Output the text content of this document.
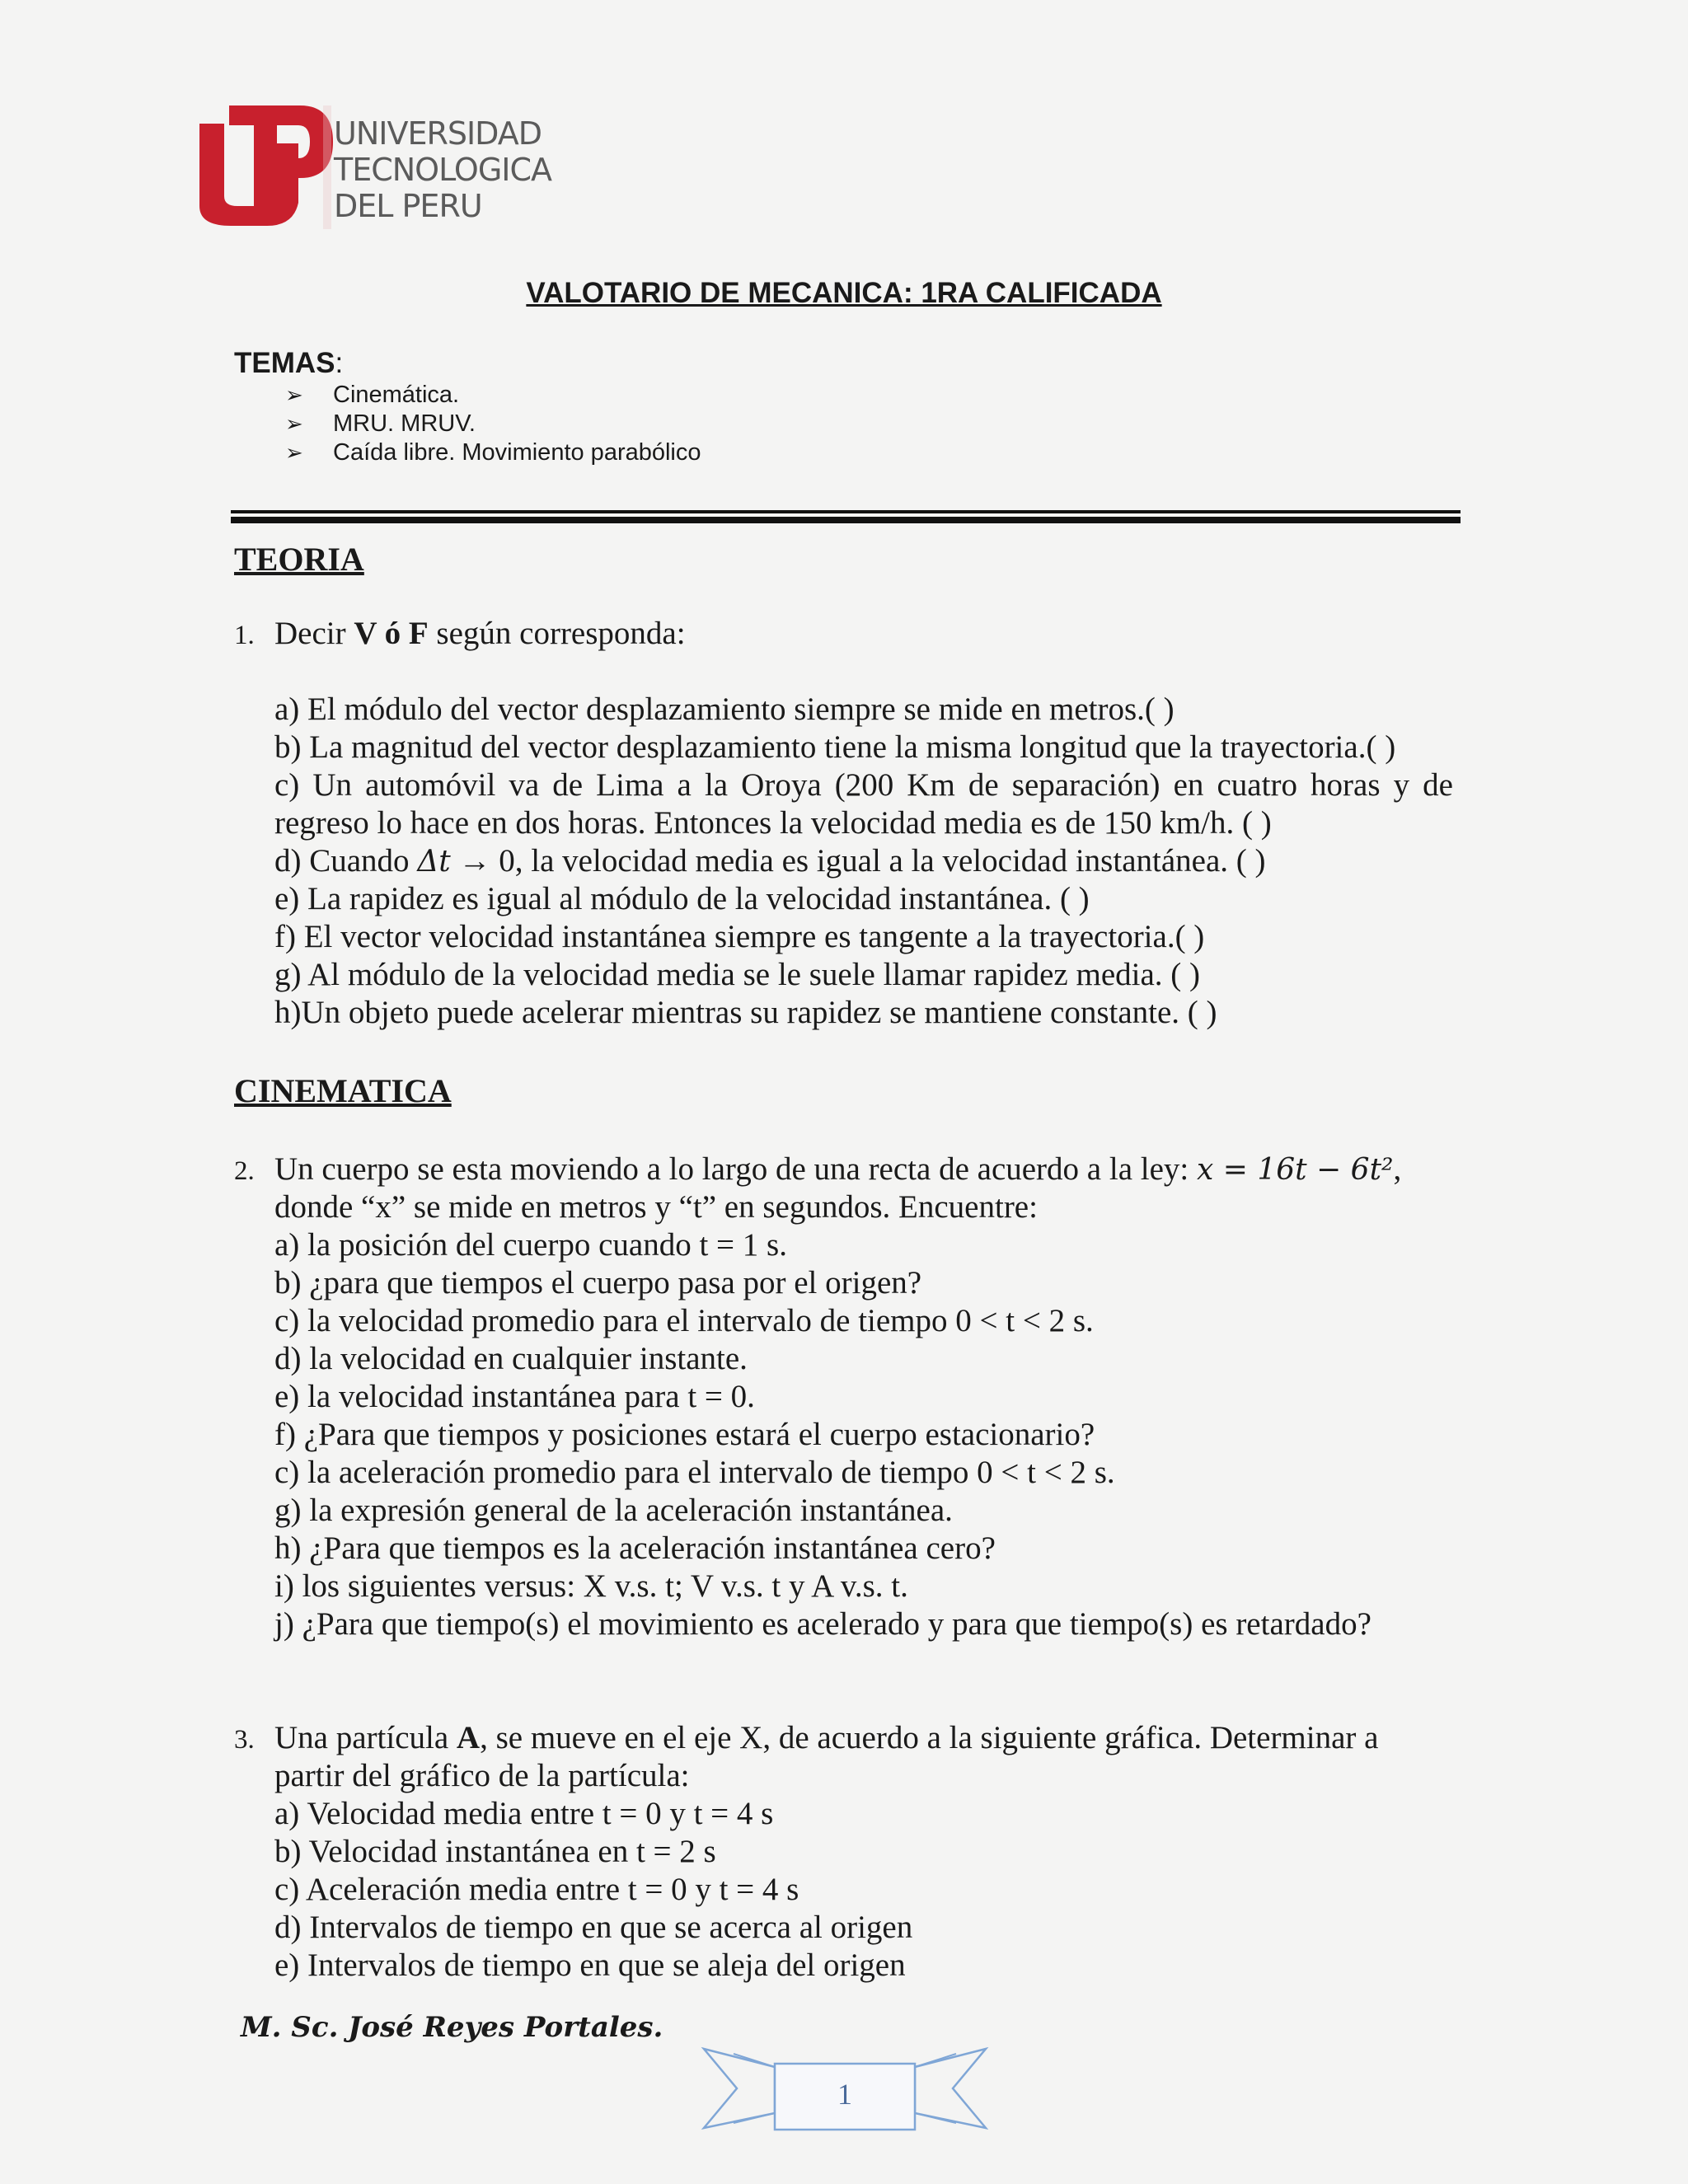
UNIVERSIDAD
TECNOLOGICA
DEL PERU
VALOTARIO DE MECANICA: 1RA CALIFICADA
TEMAS:
➢ Cinemática.
➢ MRU. MRUV.
➢ Caída libre. Movimiento parabólico
TEORIA
1. Decir V ó F según corresponda:
a) El módulo del vector desplazamiento siempre se mide en metros.( )
b) La magnitud del vector desplazamiento tiene la misma longitud que la trayectoria.( )
c) Un automóvil va de Lima a la Oroya (200 Km de separación) en cuatro horas y de
regreso lo hace en dos horas. Entonces la velocidad media es de 150 km/h. ( )
d) Cuando Δt → 0, la velocidad media es igual a la velocidad instantánea. ( )
e) La rapidez es igual al módulo de la velocidad instantánea. ( )
f) El vector velocidad instantánea siempre es tangente a la trayectoria.( )
g) Al módulo de la velocidad media se le suele llamar rapidez media. ( )
h)Un objeto puede acelerar mientras su rapidez se mantiene constante. ( )
CINEMATICA
2. Un cuerpo se esta moviendo a lo largo de una recta de acuerdo a la ley: x = 16t − 6t²,
donde “x” se mide en metros y “t” en segundos. Encuentre:
a) la posición del cuerpo cuando t = 1 s.
b) ¿para que tiempos el cuerpo pasa por el origen?
c) la velocidad promedio para el intervalo de tiempo 0 < t < 2 s.
d) la velocidad en cualquier instante.
e) la velocidad instantánea para t = 0.
f) ¿Para que tiempos y posiciones estará el cuerpo estacionario?
c) la aceleración promedio para el intervalo de tiempo 0 < t < 2 s.
g) la expresión general de la aceleración instantánea.
h) ¿Para que tiempos es la aceleración instantánea cero?
i) los siguientes versus: X v.s. t; V v.s. t y A v.s. t.
j) ¿Para que tiempo(s) el movimiento es acelerado y para que tiempo(s) es retardado?
3. Una partícula A, se mueve en el eje X, de acuerdo a la siguiente gráfica. Determinar a
partir del gráfico de la partícula:
a) Velocidad media entre t = 0 y t = 4 s
b) Velocidad instantánea en t = 2 s
c) Aceleración media entre t = 0 y t = 4 s
d) Intervalos de tiempo en que se acerca al origen
e) Intervalos de tiempo en que se aleja del origen
M. Sc. José Reyes Portales.
1
